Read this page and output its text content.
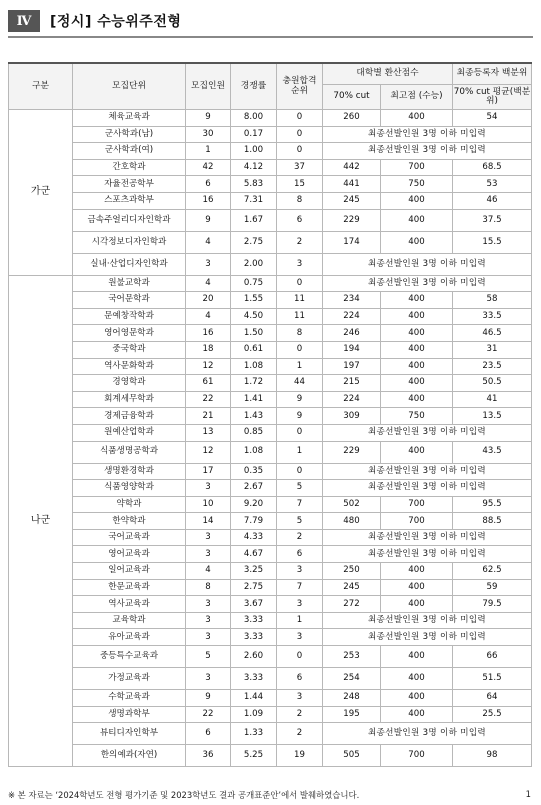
Ⅳ	[정시] 수능위주전형
구분	모집단위	모집인원	경쟁률	충원합격 순위	대학별 환산점수		최종등록자 백분위
					70% cut	최고점 (수능)	70% cut 평균(백분위)
가군	체육교육과	9	8.00	0	260	400	54
	군사학과(남)	30	0.17	0	최종선발인원 3명 이하 미입력		
	군사학과(여)	1	1.00	0	최종선발인원 3명 이하 미입력		
	간호학과	42	4.12	37	442	700	68.5
	자율전공학부	6	5.83	15	441	750	53
	스포츠과학부	16	7.31	8	245	400	46
	금속주얼리디자인학과	9	1.67	6	229	400	37.5
	시각정보디자인학과	4	2.75	2	174	400	15.5
	실내·산업디자인학과	3	2.00	3	최종선발인원 3명 이하 미입력		
나군	원불교학과	4	0.75	0	최종선발인원 3명 이하 미입력		
	국어문학과	20	1.55	11	234	400	58
	문예창작학과	4	4.50	11	224	400	33.5
	영어영문학과	16	1.50	8	246	400	46.5
	중국학과	18	0.61	0	194	400	31
	역사문화학과	12	1.08	1	197	400	23.5
	경영학과	61	1.72	44	215	400	50.5
	회계세무학과	22	1.41	9	224	400	41
	경제금융학과	21	1.43	9	309	750	13.5
	원예산업학과	13	0.85	0	최종선발인원 3명 이하 미입력		
	식품생명공학과	12	1.08	1	229	400	43.5
	생명환경학과	17	0.35	0	최종선발인원 3명 이하 미입력		
	식품영양학과	3	2.67	5	최종선발인원 3명 이하 미입력		
	약학과	10	9.20	7	502	700	95.5
	한약학과	14	7.79	5	480	700	88.5
	국어교육과	3	4.33	2	최종선발인원 3명 이하 미입력		
	영어교육과	3	4.67	6	최종선발인원 3명 이하 미입력		
	일어교육과	4	3.25	3	250	400	62.5
	한문교육과	8	2.75	7	245	400	59
	역사교육과	3	3.67	3	272	400	79.5
	교육학과	3	3.33	1	최종선발인원 3명 이하 미입력		
	유아교육과	3	3.33	3	최종선발인원 3명 이하 미입력		
	중등특수교육과	5	2.60	0	253	400	66
	가정교육과	3	3.33	6	254	400	51.5
	수학교육과	9	1.44	3	248	400	64
	생명과학부	22	1.09	2	195	400	25.5
	뷰티디자인학부	6	1.33	2	최종선발인원 3명 이하 미입력		
	한의예과(자연)	36	5.25	19	505	700	98
※ 본 자료는 ‘2024학년도 전형 평가기준 및 2023학년도 결과 공개표준안’에서 발췌하였습니다.	1
